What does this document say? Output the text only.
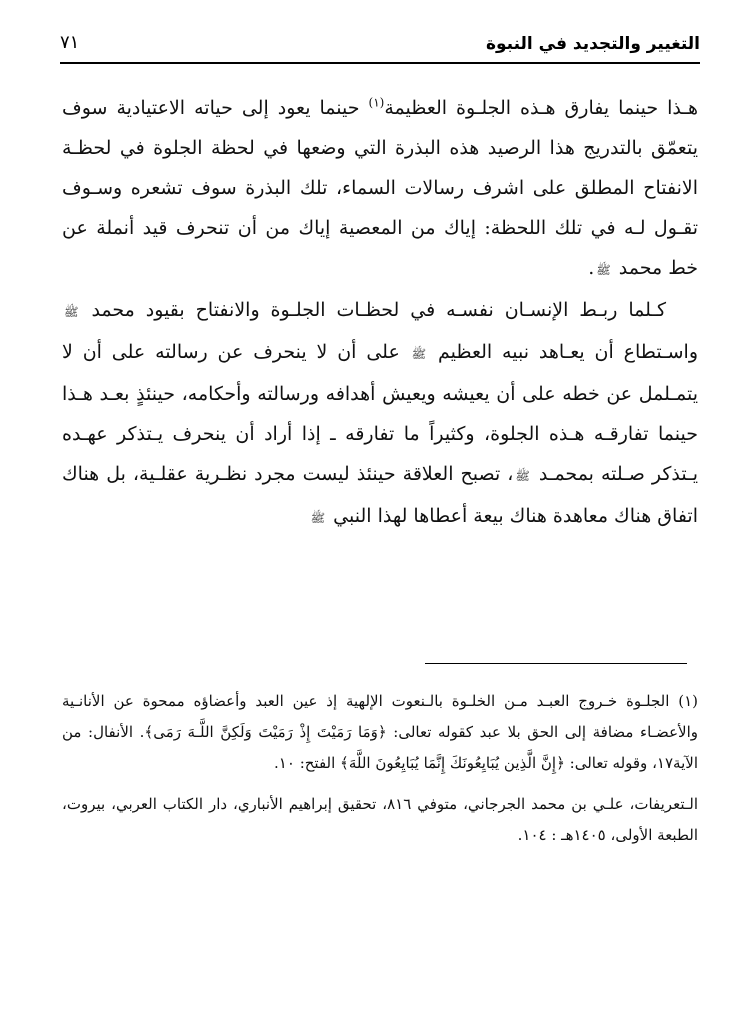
التغيير والتجديد في النبوة
٧١

هـذا حينما يفارق هـذه الجلـوة العظيمة$^{(١)}$ حينما يعود إلى حياته الاعتيادية سوف يتعمّق بالتدريج هذا الرصيد هذه البذرة التي وضعها في لحظة الجلوة في لحظـة الانفتاح المطلق على اشرف رسالات السماء، تلك البذرة سوف تشعره وسـوف تقـول لـه في تلك اللحظة: إياك من المعصية إياك من أن تنحرف قيد أنملة عن خط محمد ﷺ.

كـلما ربـط الإنسـان نفسـه في لحظـات الجلـوة والانفتاح بقيود محمد ﷺ واسـتطاع أن يعـاهد نبيه العظيم ﷺ على أن لا ينحرف عن رسالته على أن لا يتمـلمل عن خطه على أن يعيشه ويعيش أهدافه ورسالته وأحكامه، حينئذٍ بعـد هـذا حينما تفارقـه هـذه الجلوة، وكثيراً ما تفارقه ـ إذا أراد أن ينحرف يـتذكر عهـده يـتذكر صـلته بمحمـد ﷺ، تصبح العلاقة حينئذ ليست مجرد نظـرية عقلـية، بل هناك اتفاق هناك معاهدة هناك بيعة أعطاها لهذا النبي ﷺ

(١) الجلـوة خـروج العبـد مـن الخلـوة بالـنعوت الإلهية إذ عين العبد وأعضاؤه ممحوة عن الأنانـية والأعضـاء مضافة إلى الحق بلا عبد كقوله تعالى: ﴿وَمَا رَمَيْتَ إِذْ رَمَيْتَ وَلَكِنَّ اللَّـهَ رَمَى﴾. الأنفال: من الآية١٧، وقوله تعالى: ﴿إِنَّ الَّذِين يُبَايِعُونَكَ إِنَّمَا يُبَايِعُونَ اللَّهَ﴾ الفتح: ١٠.

الـتعريفات، علـي بن محمد الجرجاني، متوفي ٨١٦، تحقيق إبراهيم الأنباري، دار الكتاب العربي، بيروت، الطبعة الأولى، ١٤٠٥هـ : ١٠٤.
